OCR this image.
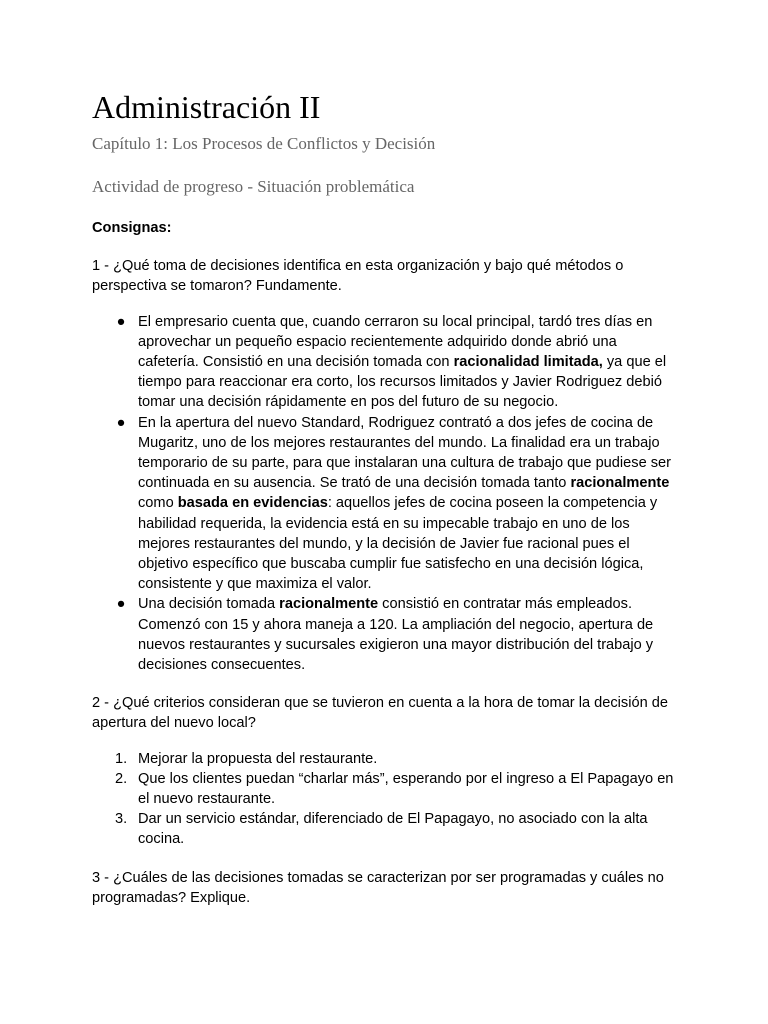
Administración II
Capítulo 1: Los Procesos de Conflictos y Decisión
Actividad de progreso - Situación problemática

Consignas:

1 - ¿Qué toma de decisiones identifica en esta organización y bajo qué métodos o perspectiva se tomaron? Fundamente.

● El empresario cuenta que, cuando cerraron su local principal, tardó tres días en aprovechar un pequeño espacio recientemente adquirido donde abrió una cafetería. Consistió en una decisión tomada con racionalidad limitada, ya que el tiempo para reaccionar era corto, los recursos limitados y Javier Rodriguez debió tomar una decisión rápidamente en pos del futuro de su negocio.
● En la apertura del nuevo Standard, Rodriguez contrató a dos jefes de cocina de Mugaritz, uno de los mejores restaurantes del mundo. La finalidad era un trabajo temporario de su parte, para que instalaran una cultura de trabajo que pudiese ser continuada en su ausencia. Se trató de una decisión tomada tanto racionalmente como basada en evidencias: aquellos jefes de cocina poseen la competencia y habilidad requerida, la evidencia está en su impecable trabajo en uno de los mejores restaurantes del mundo, y la decisión de Javier fue racional pues el objetivo específico que buscaba cumplir fue satisfecho en una decisión lógica, consistente y que maximiza el valor.
● Una decisión tomada racionalmente consistió en contratar más empleados. Comenzó con 15 y ahora maneja a 120. La ampliación del negocio, apertura de nuevos restaurantes y sucursales exigieron una mayor distribución del trabajo y decisiones consecuentes.

2 - ¿Qué criterios consideran que se tuvieron en cuenta a la hora de tomar la decisión de apertura del nuevo local?

1. Mejorar la propuesta del restaurante.
2. Que los clientes puedan “charlar más”, esperando por el ingreso a El Papagayo en el nuevo restaurante.
3. Dar un servicio estándar, diferenciado de El Papagayo, no asociado con la alta cocina.

3 - ¿Cuáles de las decisiones tomadas se caracterizan por ser programadas y cuáles no programadas? Explique.
